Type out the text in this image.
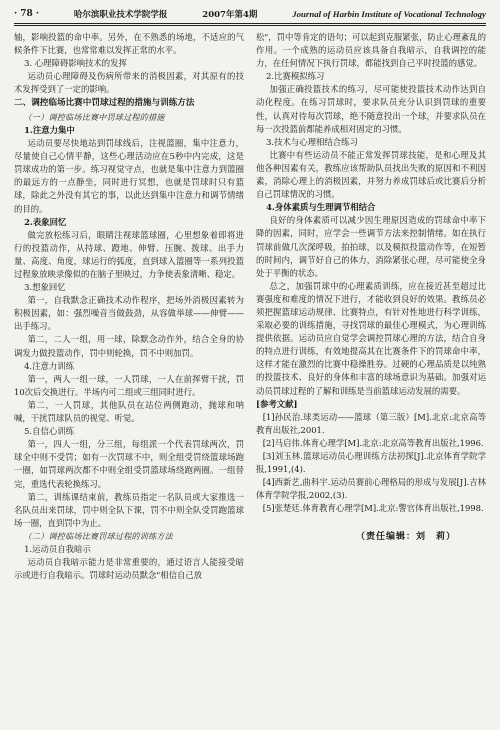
· 78 ·	哈尔滨职业技术学院学报	2007年第4期	Journal of Harbin Institute of Vocational Technology

轴，影响投篮的命中率。另外，在不熟悉的场地，不适应的气候条件下比赛，也常常难以发挥正常的水平。

3. 心理障碍影响技术的发挥

运动员心理障碍及伤病所带来的消极因素，对其原有的技术发挥受到了一定的影响。

二、调控临场比赛中罚球过程的措施与训练方法

（一）调控临场比赛中罚球过程的措施

1.注意力集中

运动员要尽快地站到罚球线后，注视篮圈，集中注意力，尽量使自己心情平静，这些心理活动应在5秒中内完成，这是罚球成功的第一步。练习视觉守点，也就是集中注意力到篮圈的最远方的一点静坐，同时进行冥想，也就是罚球时只有篮球，除此之外没有其它的事，以此达到集中注意力和调节情绪的目的。

2.表象回忆

做完放松练习后，眼睛注视球篮球圈，心里想象着即将进行的投篮动作，从持球、蹬地、伸臂、压腕、拨球、出手力量、高度、角度，球运行的弧度，直到球入篮圈等一系列投篮过程象放映录像似的在脑子里映过，力争使表象清晰、稳定。

3.想象回忆

第一，自我默念正确技术动作程序，把场外消极因素转为积极因素，如：强烈噪音当做鼓劲，从容做举球——伸臂——出手练习。

第二，二人一组，用一球，除默念动作外，结合全身的协调发力做投篮动作，罚中则轮换，罚不中则加罚。

4.注意力训练

第一，两人一组一球，一人罚球，一人在前挥臂干扰，罚10次后交换进行。半场内可二组或三组同时进行。

第二，一人罚球，其他队员在站位两侧跑动，抛球和呐喊，干扰罚球队员的视觉、听觉。

5.自信心训练

第一，四人一组，分三组，每组派一个代表罚球两次，罚球全中则不受罚；如有一次罚球不中，则全组受罚绕篮球场跑一圈，如罚球两次都不中则全组受罚篮球场绕跑两圈。一组替完，重选代表轮换练习。

第二，训练课结束前，教练员指定一名队员或大家推选一名队员出来罚球，罚中则全队下课，罚不中则全队受罚跑篮球场一圈，直到罚中为止。

（二）调控临场比赛罚球过程的训练方法

1.运动员自我暗示

运动员自我暗示能力是非常重要的，通过语言人能接受暗示或进行自我暗示。罚球时运动员默念"相信自己放

松"，罚中等肯定的语句；可以起到克服紧张，防止心理紊乱的作用。一个成熟的运动员应该具备自我暗示，自我调控的能力，在任何情况下执行罚球，都能找到自己平时投篮的感觉。

2.比赛模拟练习

加强正确投篮技术的练习，尽可能使投篮技术动作达到自动化程度。在练习罚球时，要求队员充分认识到罚球的重要性，认真对待每次罚球，绝不随意投出一个球，并要求队员在每一次投篮前都能养成相对固定的习惯。

3.技术与心理相结合练习

比赛中有些运动员不能正常发挥罚球技能，是和心理及其他各种因素有关，教练应该帮助队员找出失败的原因和不利因素，消除心理上的消极因素，并努力养成罚球后或比赛后分析自己罚球情况的习惯。

4.身体素质与生理调节相结合

良好的身体素质可以减少因生理原因造成的罚球命中率下降的因素，同时，应学会一些调节方法来控制情绪。如在执行罚球前做几次深呼吸，拍拍球，以及模拟投篮动作等，在短暂的时间内，调节好自己的体力，消除紧张心理，尽可能使全身处于平衡的状态。

总之，加强罚球中的心理素质训练，应在接近甚至超过比赛强度和难度的情况下进行，才能收到良好的效果。教练员必须把握篮球运动规律、比赛特点，有针对性地进行科学训练，采取必要的训练措施，寻找罚球的最佳心理模式，为心理训练提供依据。运动员应自觉学会调控罚球心理的方法，结合自身的特点进行训练，有效地提高其在比赛条件下的罚球命中率，这样才能在激烈的比赛中稳操胜券。过硬的心理品质是以纯熟的投篮技术、良好的身体和丰富的球场意识为基础。加强对运动员罚球过程的了解和训练是当前篮球运动发展的需要。

[参考文献]

[1]孙民治.球类运动——篮球（第三版）[M].北京:北京高等教育出版社,2001.

[2]马启伟.体育心理学[M].北京:北京高等教育出版社,1996.

[3]刘玉林.篮球运动员心理训练方法初探[J].北京体育学院学报,1991,(4).

[4]西新艺,曲科宇.运动员赛前心理格局的形成与发展[J].吉林体育学院学报,2002,(3).

[5]张楚廷.体育教育心理学[M].北京:警官体育出版社,1998.

（责任编辑：刘　莉）
